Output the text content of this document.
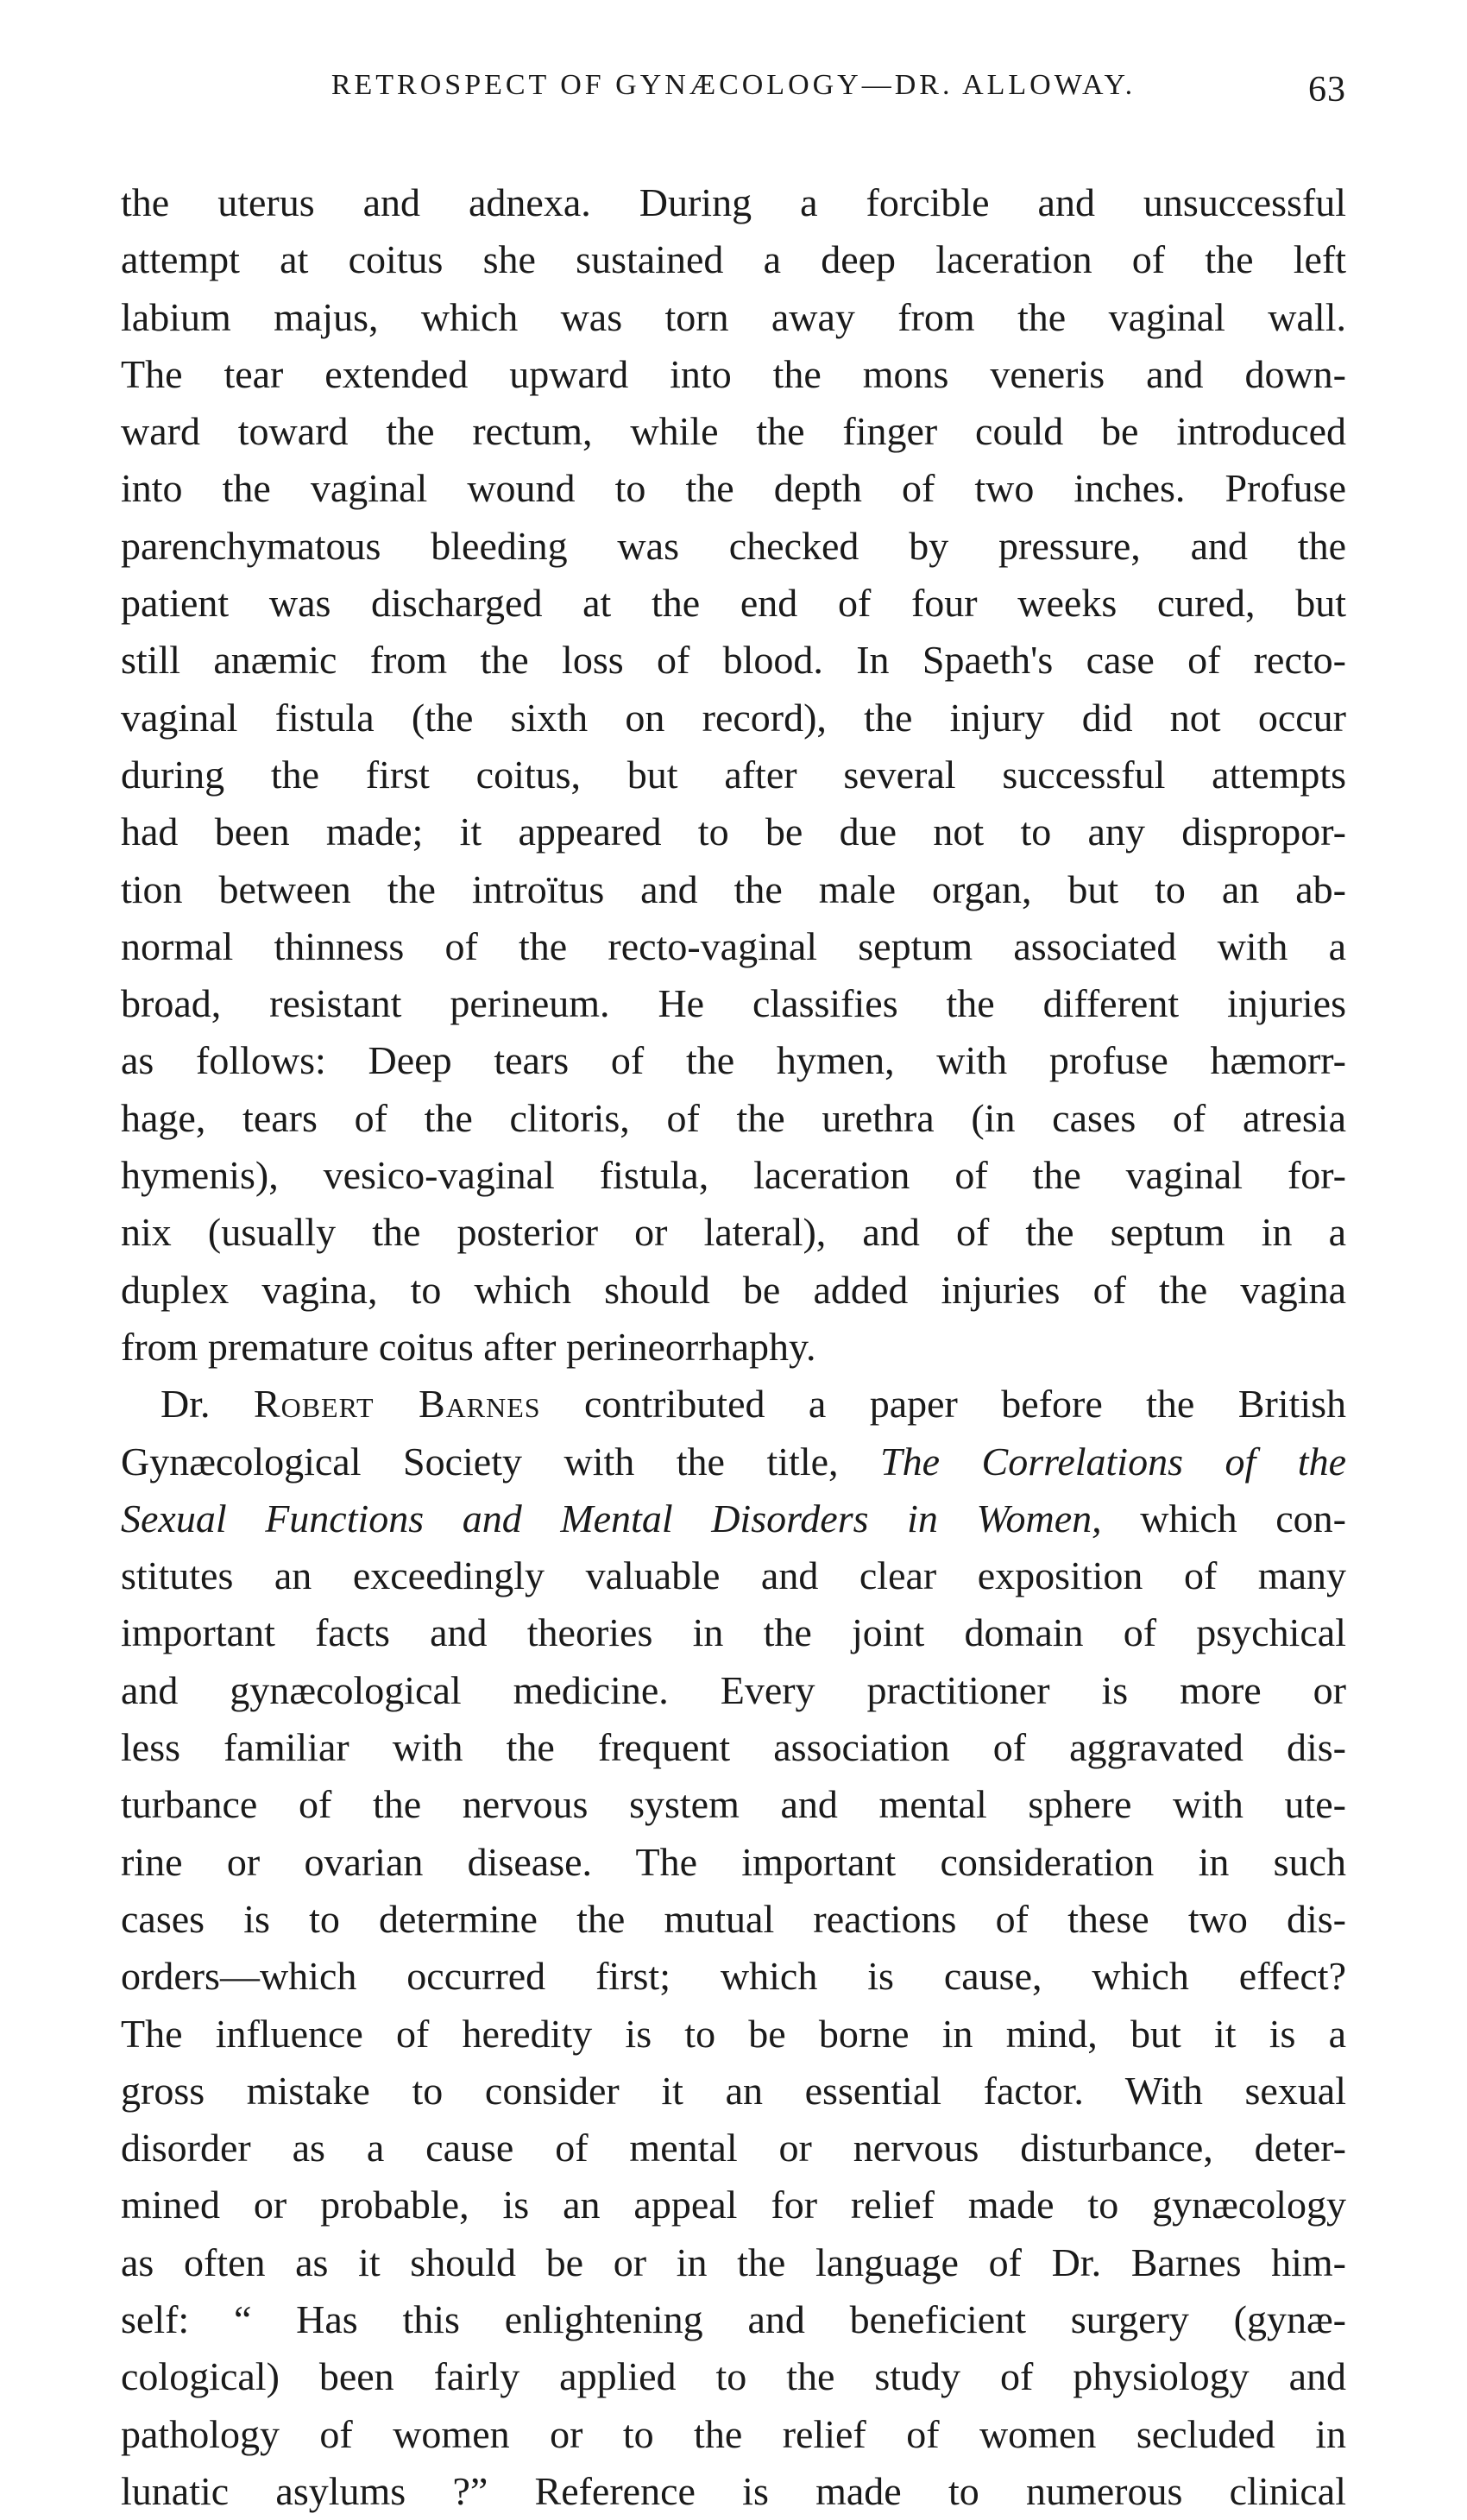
RETROSPECT OF GYNÆCOLOGY—DR. ALLOWAY.	63
the uterus and adnexa. During a forcible and unsuccessful
attempt at coitus she sustained a deep laceration of the left
labium majus, which was torn away from the vaginal wall.
The tear extended upward into the mons veneris and down-
ward toward the rectum, while the finger could be introduced
into the vaginal wound to the depth of two inches. Profuse
parenchymatous bleeding was checked by pressure, and the
patient was discharged at the end of four weeks cured, but
still anæmic from the loss of blood. In Spaeth's case of recto-
vaginal fistula (the sixth on record), the injury did not occur
during the first coitus, but after several successful attempts
had been made; it appeared to be due not to any dispropor-
tion between the introïtus and the male organ, but to an ab-
normal thinness of the recto-vaginal septum associated with a
broad, resistant perineum. He classifies the different injuries
as follows: Deep tears of the hymen, with profuse hæmorr-
hage, tears of the clitoris, of the urethra (in cases of atresia
hymenis), vesico-vaginal fistula, laceration of the vaginal for-
nix (usually the posterior or lateral), and of the septum in a
duplex vagina, to which should be added injuries of the vagina
from premature coitus after perineorrhaphy.
Dr. Robert Barnes contributed a paper before the British
Gynæcological Society with the title, The Correlations of the
Sexual Functions and Mental Disorders in Women, which con-
stitutes an exceedingly valuable and clear exposition of many
important facts and theories in the joint domain of psychical
and gynæcological medicine. Every practitioner is more or
less familiar with the frequent association of aggravated dis-
turbance of the nervous system and mental sphere with ute-
rine or ovarian disease. The important consideration in such
cases is to determine the mutual reactions of these two dis-
orders—which occurred first; which is cause, which effect?
The influence of heredity is to be borne in mind, but it is a
gross mistake to consider it an essential factor. With sexual
disorder as a cause of mental or nervous disturbance, deter-
mined or probable, is an appeal for relief made to gynæcology
as often as it should be or in the language of Dr. Barnes him-
self: “ Has this enlightening and beneficient surgery (gynæ-
cological) been fairly applied to the study of physiology and
pathology of women or to the relief of women secluded in
lunatic asylums ?” Reference is made to numerous clinical
